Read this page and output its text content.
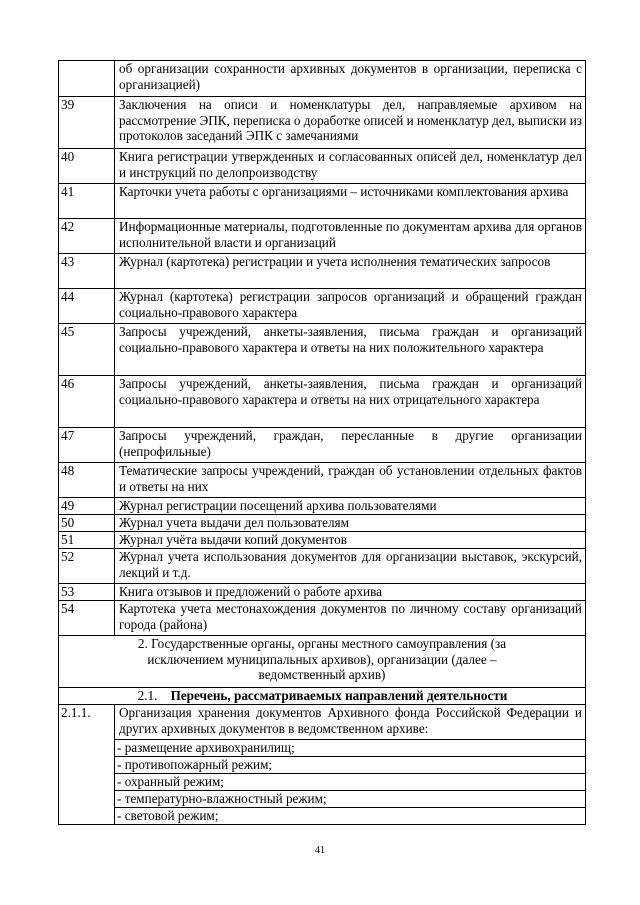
	об организации сохранности архивных документов в организации, переписка с организацией)
39	Заключения на описи и номенклатуры дел, направляемые архивом на рассмотрение ЭПК, переписка о доработке описей и номенклатур дел, выписки из протоколов заседаний ЭПК с замечаниями
40	Книга регистрации утвержденных и согласованных описей дел, номенклатур дел и инструкций по делопроизводству
41	Карточки учета работы с организациями – источниками комплектования архива
42	Информационные материалы, подготовленные по документам архива для органов исполнительной власти и организаций
43	Журнал (картотека) регистрации и учета исполнения тематических запросов
44	Журнал (картотека) регистрации запросов организаций и обращений граждан социально-правового характера
45	Запросы учреждений, анкеты-заявления, письма граждан и организаций социально-правового характера и ответы на них положительного характера
46	Запросы учреждений, анкеты-заявления, письма граждан и организаций социально-правового характера и ответы на них отрицательного характера
47	Запросы учреждений, граждан, пересланные в другие организации (непрофильные)
48	Тематические запросы учреждений, граждан об установлении отдельных фактов и ответы на них
49	Журнал регистрации посещений архива пользователями
50	Журнал учета выдачи дел пользователям
51	Журнал учёта выдачи копий документов
52	Журнал учета использования документов для организации выставок, экскурсий, лекций и т.д.
53	Книга отзывов и предложений о работе архива
54	Картотека учета местонахождения документов по личному составу организаций города (района)
2. Государственные органы, органы местного самоуправления (за исключением муниципальных архивов), организации (далее – ведомственный архив)	
2.1. Перечень, рассматриваемых направлений деятельности	
2.1.1.	Организация хранения документов Архивного фонда Российской Федерации и других архивных документов в ведомственном архиве:
	- размещение архивохранилищ;
	- противопожарный режим;
	- охранный режим;
	- температурно-влажностный режим;
	- световой режим;
41
